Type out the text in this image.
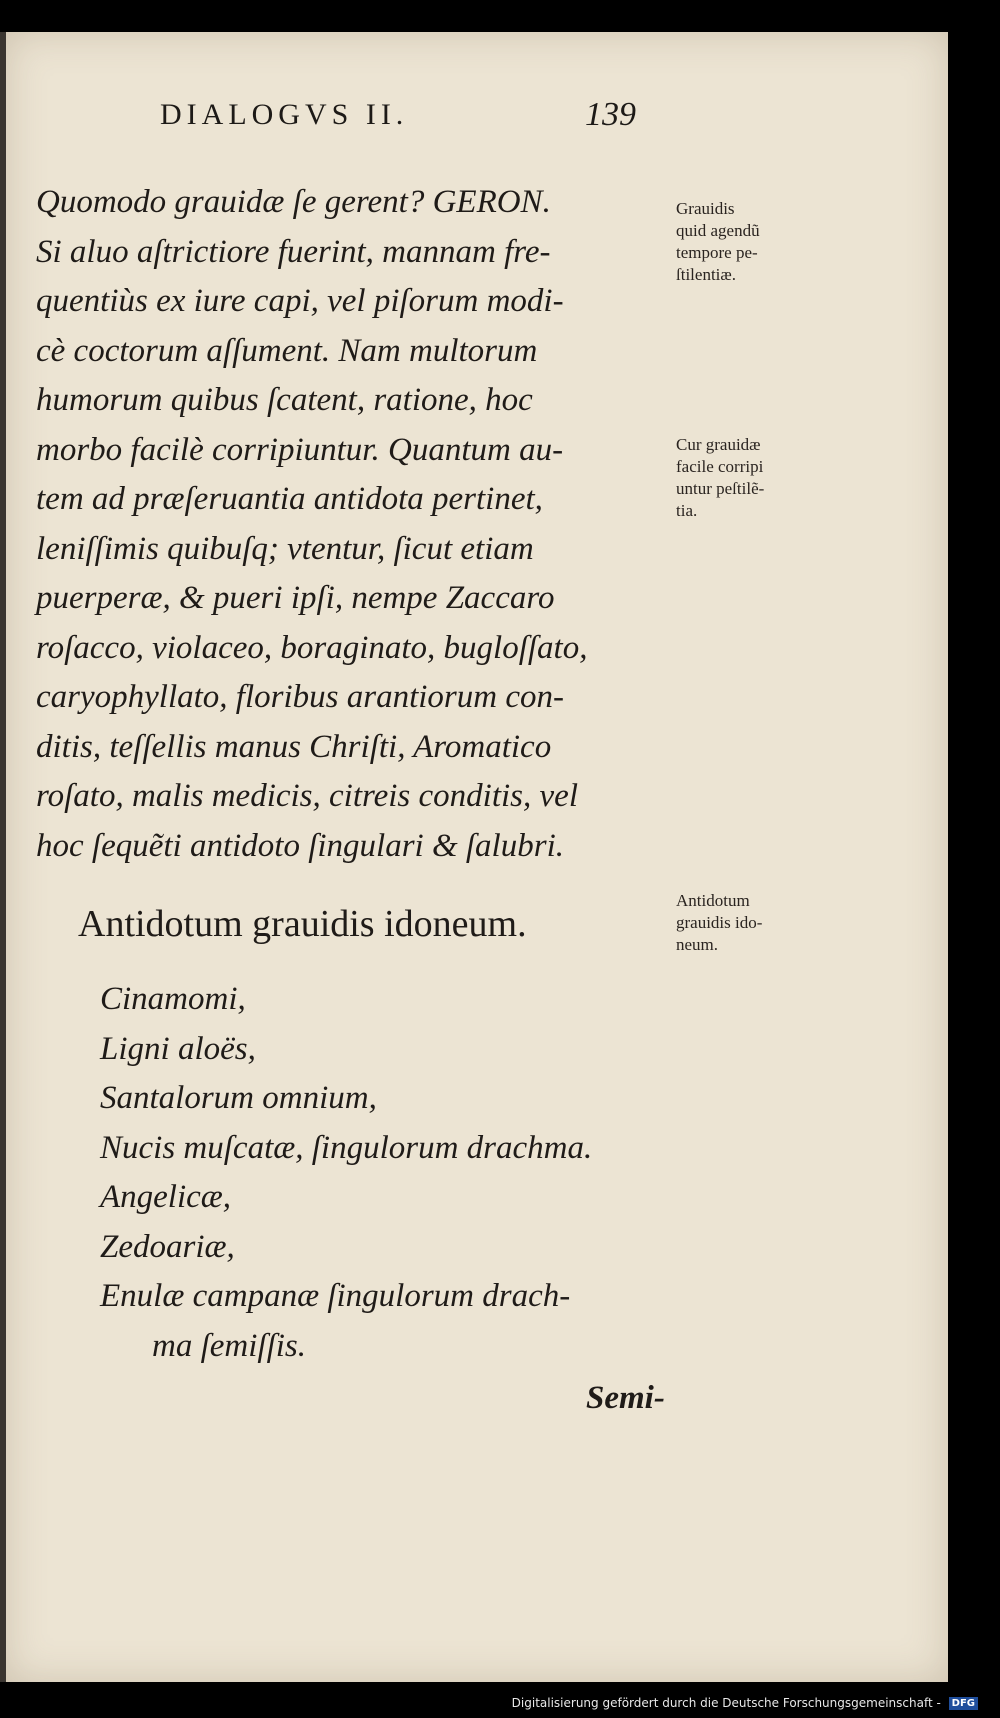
DIALOGVS II.	139
Quomodo grauidæ ſe gerent? GERON.
Si aluo aſtrictiore fuerint, mannam fre-
quentiùs ex iure capi, vel piſorum modi-
cè coctorum aſſument. Nam multorum
humorum quibus ſcatent, ratione, hoc
morbo facilè corripiuntur. Quantum au-
tem ad præſeruantia antidota pertinet,
leniſſimis quibuſq; vtentur, ſicut etiam
puerperæ, & pueri ipſi, nempe Zaccaro
roſacco, violaceo, boraginato, bugloſſato,
caryophyllato, floribus arantiorum con-
ditis, teſſellis manus Chriſti, Aromatico
roſato, malis medicis, citreis conditis, vel
hoc ſequẽti antidoto ſingulari & ſalubri.
Grauidis
quid agendũ
tempore pe-
ſtilentiæ.
Cur grauidæ
facile corripi
untur peſtilẽ-
tia.
Antidotum
grauidis ido-
neum.
Antidotum grauidis idoneum.
Cinamomi,
Ligni aloës,
Santalorum omnium,
Nucis muſcatæ, ſingulorum drachma.
Angelicæ,
Zedoariæ,
Enulæ campanæ ſingulorum drach-
ma ſemiſſis.
Semi-
Digitalisierung gefördert durch die Deutsche Forschungsgemeinschaft - DFG
